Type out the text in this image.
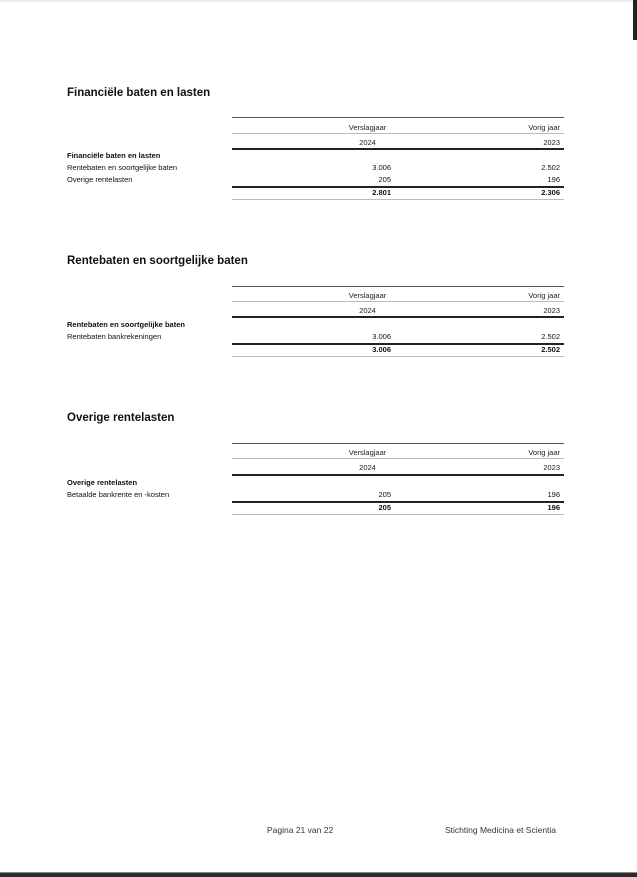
Financiële baten en lasten
Verslagjaar	Vorig jaar
2024	2023
Financiële baten en lasten
Rentebaten en soortgelijke baten	3.006	2.502
Overige rentelasten	205	196
2.801	2.306
Rentebaten en soortgelijke baten
Verslagjaar	Vorig jaar
2024	2023
Rentebaten en soortgelijke baten
Rentebaten bankrekeningen	3.006	2.502
3.006	2.502
Overige rentelasten
Verslagjaar	Vorig jaar
2024	2023
Overige rentelasten
Betaalde bankrente en -kosten	205	196
205	196
Pagina 21 van 22	Stichting Medicina et Scientia
